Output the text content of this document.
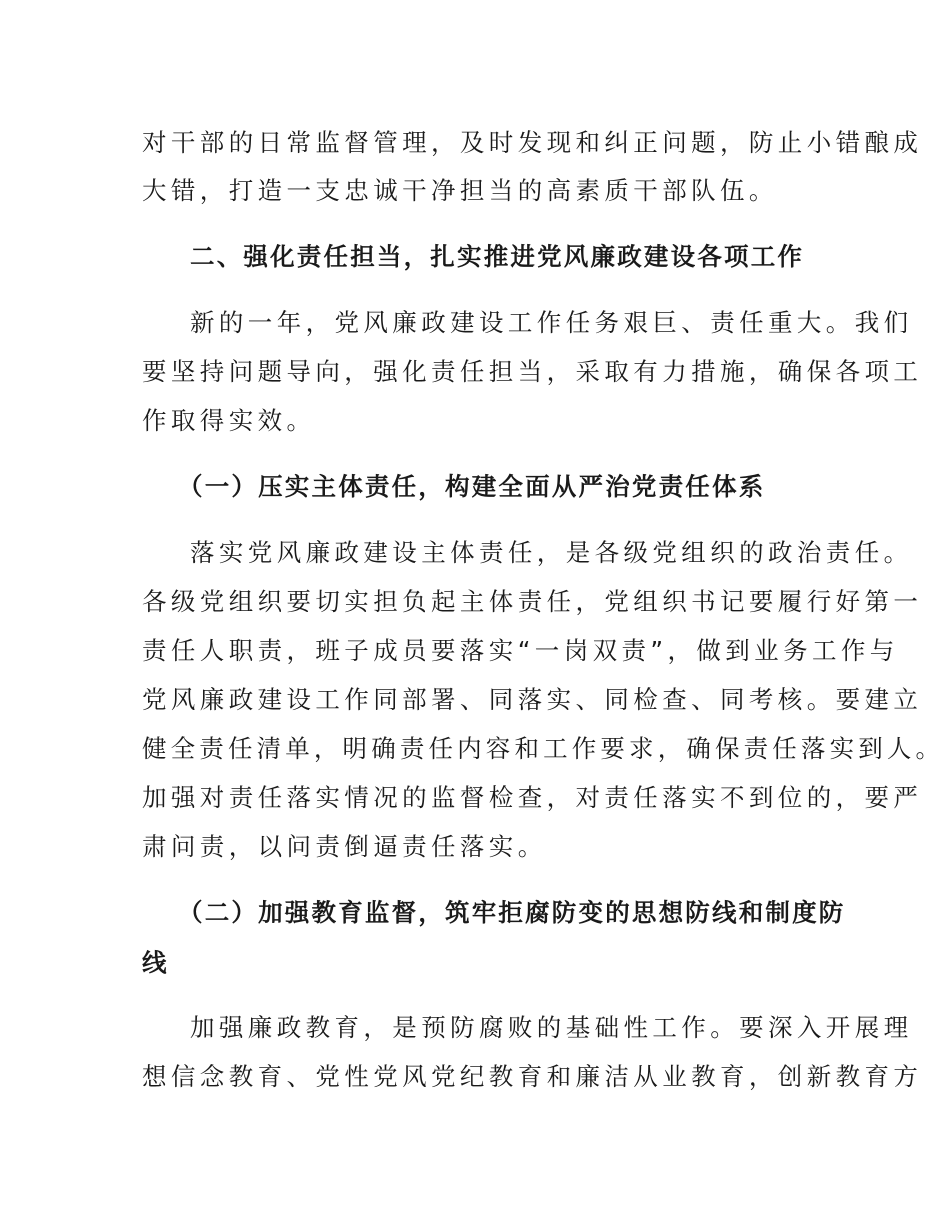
对干部的日常监督管理，及时发现和纠正问题，防止小错酿成
大错，打造一支忠诚干净担当的高素质干部队伍。
二、强化责任担当，扎实推进党风廉政建设各项工作
新的一年，党风廉政建设工作任务艰巨、责任重大。我们
要坚持问题导向，强化责任担当，采取有力措施，确保各项工
作取得实效。
（一）压实主体责任，构建全面从严治党责任体系
落实党风廉政建设主体责任，是各级党组织的政治责任。
各级党组织要切实担负起主体责任，党组织书记要履行好第一
责任人职责，班子成员要落实“一岗双责”，做到业务工作与
党风廉政建设工作同部署、同落实、同检查、同考核。要建立
健全责任清单，明确责任内容和工作要求，确保责任落实到人。
加强对责任落实情况的监督检查，对责任落实不到位的，要严
肃问责，以问责倒逼责任落实。
（二）加强教育监督，筑牢拒腐防变的思想防线和制度防
线
加强廉政教育，是预防腐败的基础性工作。要深入开展理
想信念教育、党性党风党纪教育和廉洁从业教育，创新教育方
